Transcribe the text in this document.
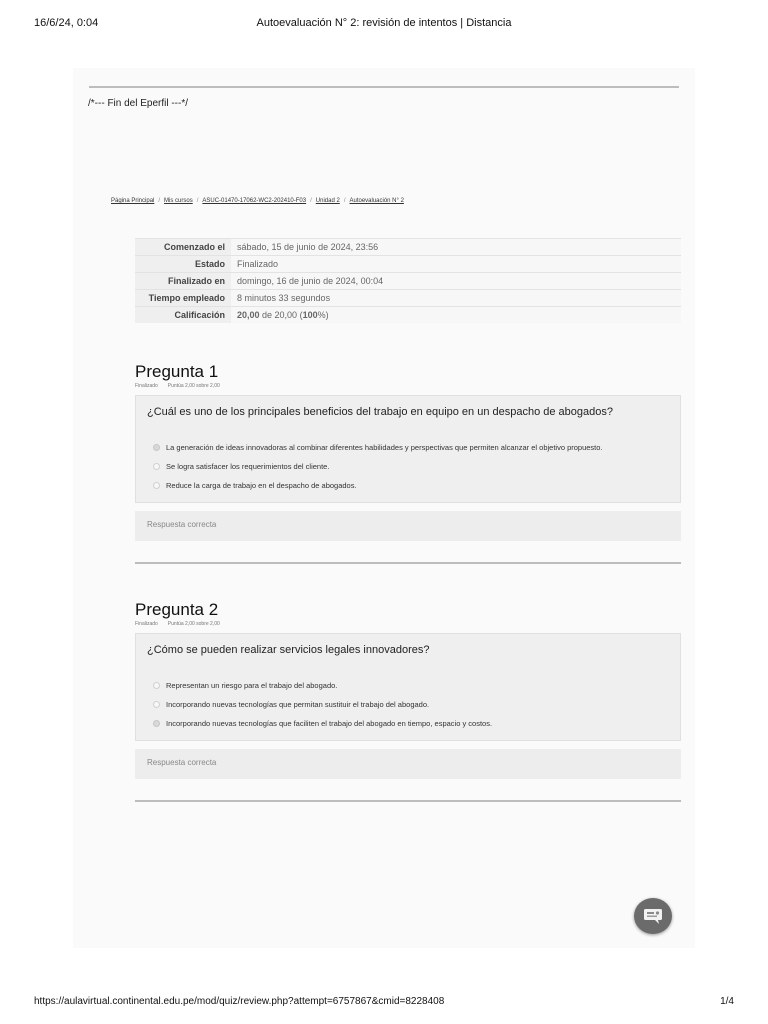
16/6/24, 0:04	Autoevaluación N° 2: revisión de intentos | Distancia
/*--- Fin del Eperfil ---*/
Página Principal / Mis cursos / ASUC-01470-17062-WC2-202410-F03 / Unidad 2 / Autoevaluación N° 2
Comenzado el	sábado, 15 de junio de 2024, 23:56
Estado	Finalizado
Finalizado en	domingo, 16 de junio de 2024, 00:04
Tiempo empleado	8 minutos 33 segundos
Calificación	20,00 de 20,00 (100%)
Pregunta 1
Finalizado Puntúa 2,00 sobre 2,00
¿Cuál es uno de los principales beneficios del trabajo en equipo en un despacho de abogados?
La generación de ideas innovadoras al combinar diferentes habilidades y perspectivas que permiten alcanzar el objetivo propuesto.
Se logra satisfacer los requerimientos del cliente.
Reduce la carga de trabajo en el despacho de abogados.
Respuesta correcta
Pregunta 2
Finalizado Puntúa 2,00 sobre 2,00
¿Cómo se pueden realizar servicios legales innovadores?
Representan un riesgo para el trabajo del abogado.
Incorporando nuevas tecnologías que permitan sustituir el trabajo del abogado.
Incorporando nuevas tecnologías que faciliten el trabajo del abogado en tiempo, espacio y costos.
Respuesta correcta
https://aulavirtual.continental.edu.pe/mod/quiz/review.php?attempt=6757867&cmid=8228408	1/4
